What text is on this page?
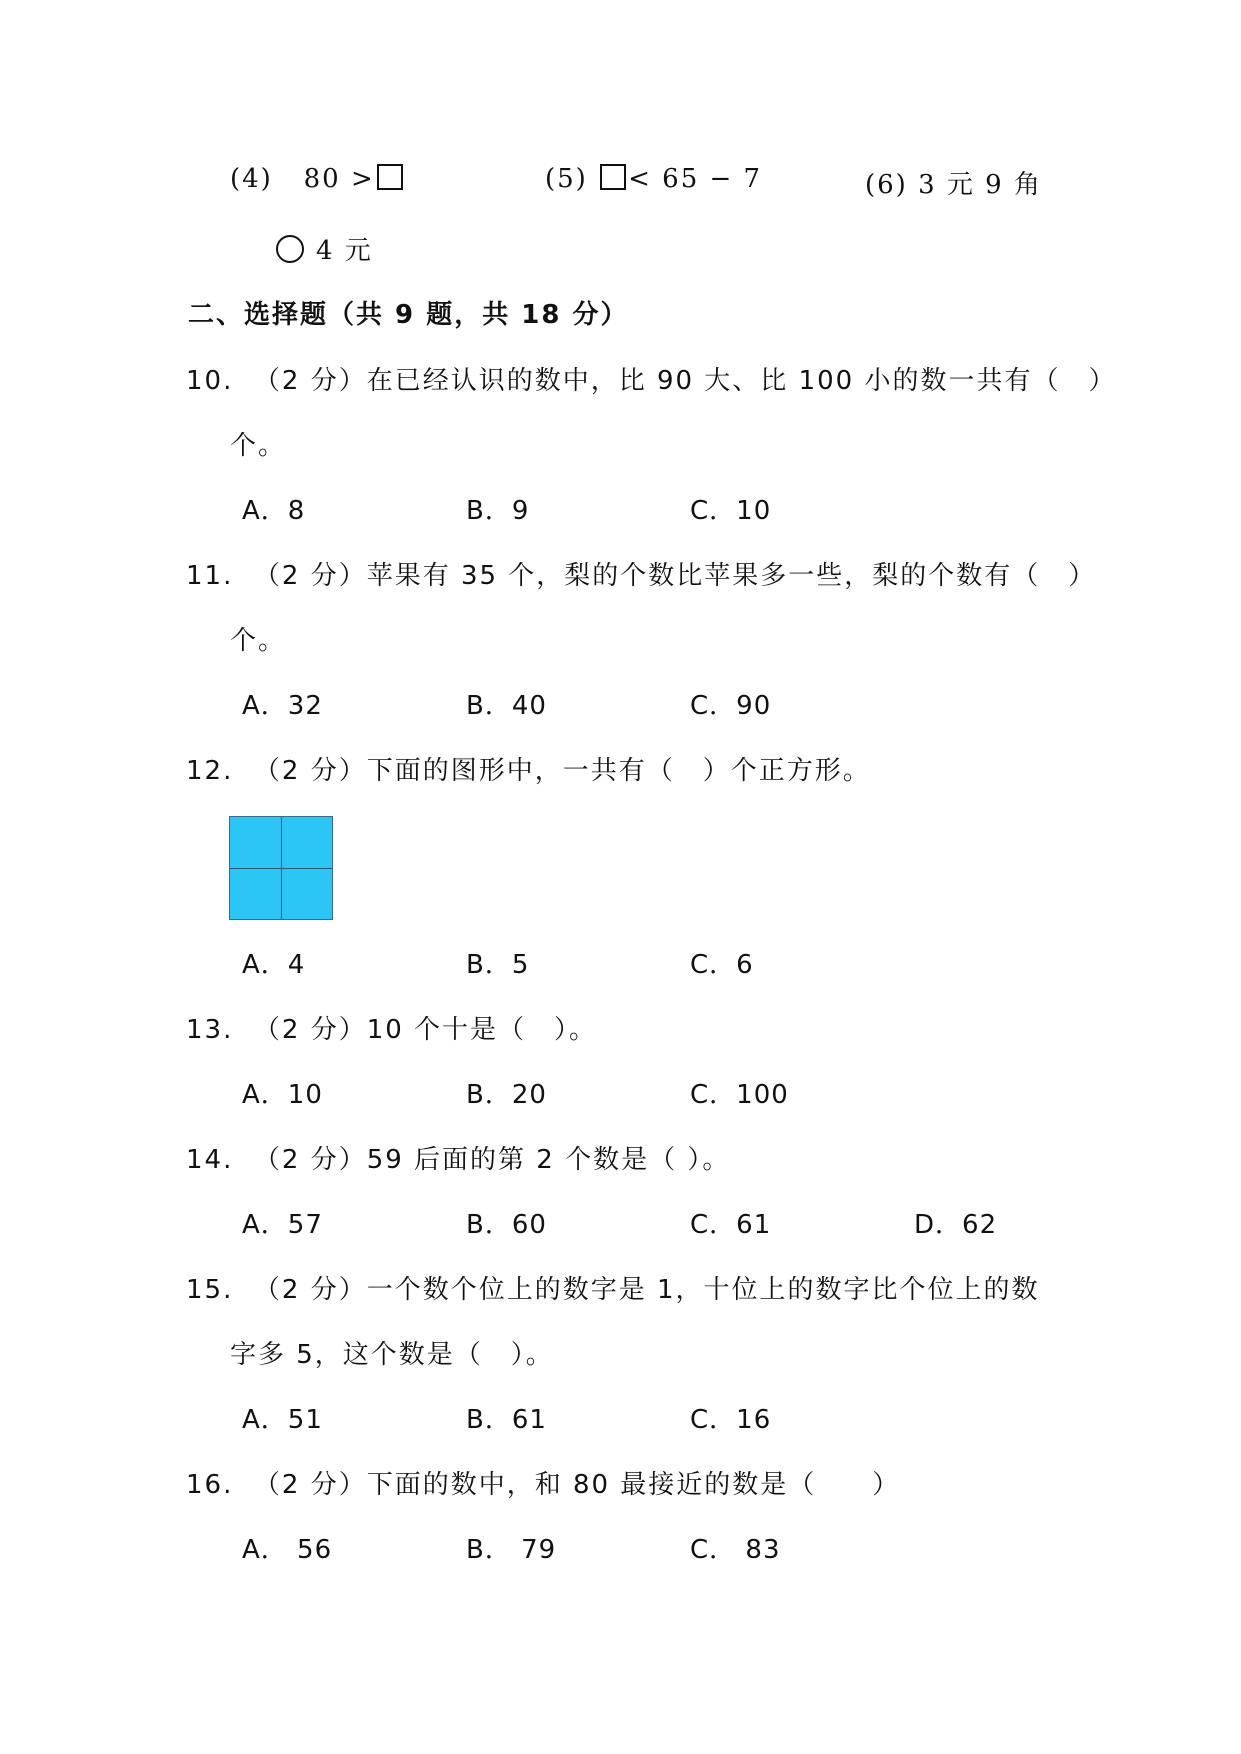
(4) 80 >	(5) < 65 − 7	(6) 3 元 9 角
4 元
二、选择题（共 9 题，共 18 分）
10. （2 分）在已经认识的数中，比 90 大、比 100 小的数一共有（　）
个。
A．8	B．9	C．10
11. （2 分）苹果有 35 个，梨的个数比苹果多一些，梨的个数有（　）
个。
A．32	B．40	C．90
12. （2 分）下面的图形中，一共有（　）个正方形。
A．4	B．5	C．6
13. （2 分）10 个十是（　）。
A．10	B．20	C．100
14. （2 分）59 后面的第 2 个数是（ ）。
A．57	B．60	C．61	D．62
15. （2 分）一个数个位上的数字是 1，十位上的数字比个位上的数
字多 5，这个数是（　）。
A．51	B．61	C．16
16. （2 分）下面的数中，和 80 最接近的数是（　　）
A． 56	B． 79	C． 83
